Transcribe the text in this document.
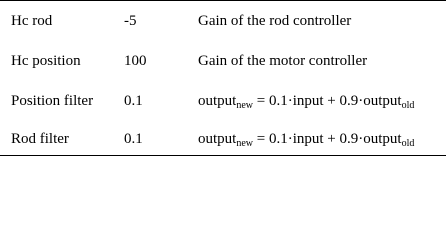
Hc rod	-5	Gain of the rod controller
Hc position	100	Gain of the motor controller
Position filter 0.1	output$_{new}$ = 0.1·input + 0.9·output$_{old}$
Rod filter	0.1	output$_{new}$ = 0.1·input + 0.9·output$_{old}$
